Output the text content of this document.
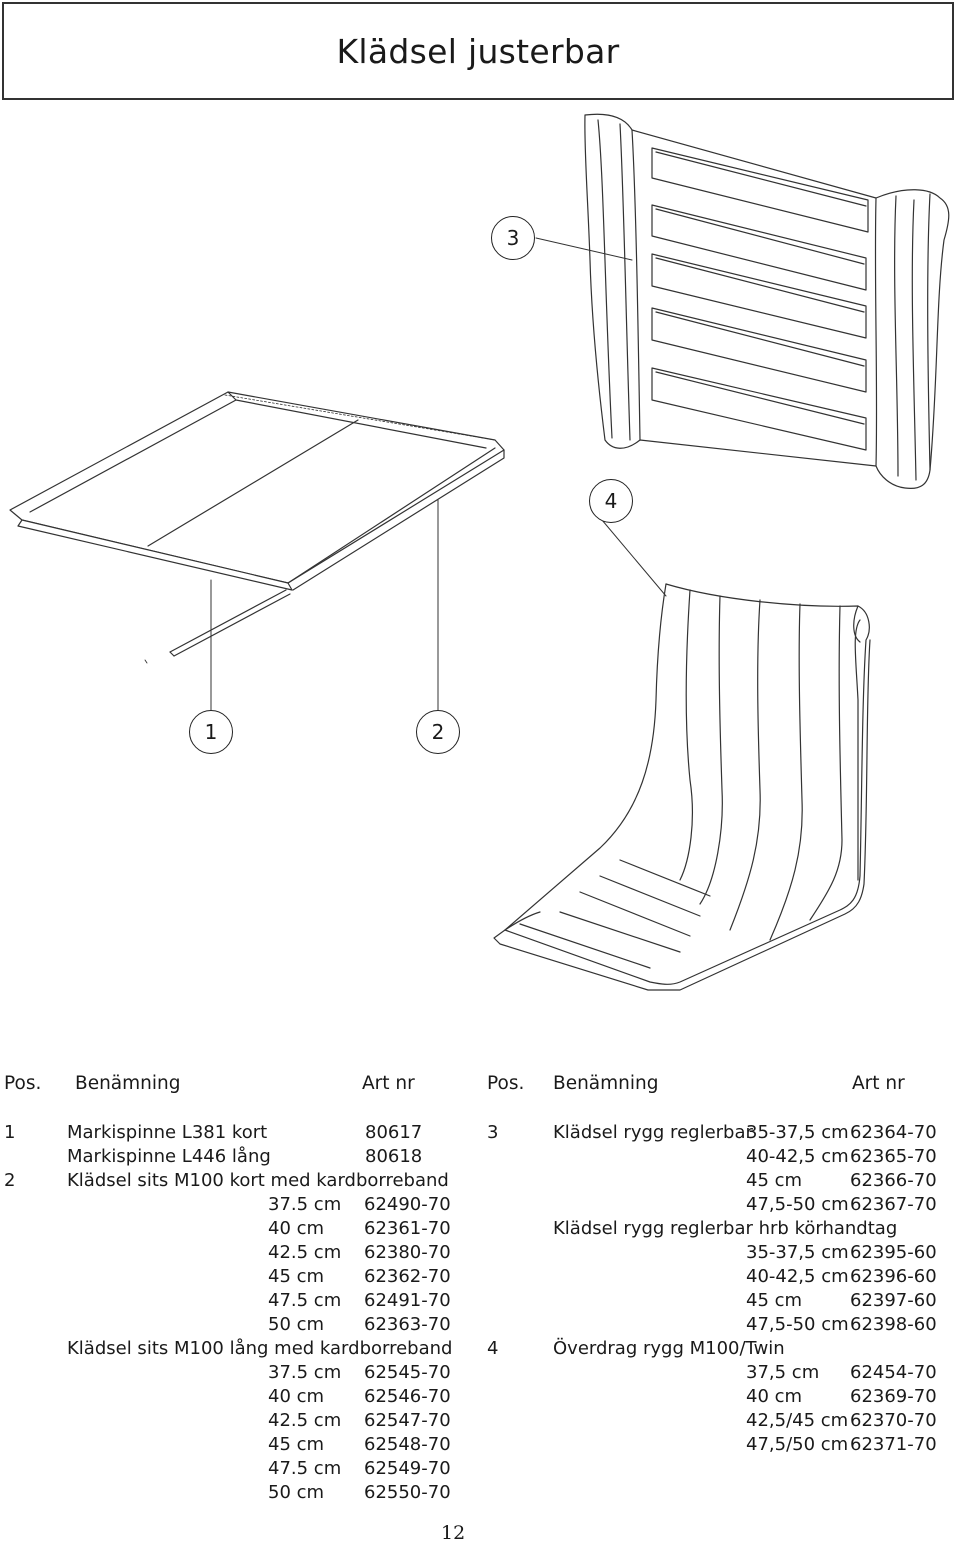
Klädsel justerbar
1	2
3
4
Pos. Benämning	Art nr	Pos. Benämning	Art nr
1	Markispinne L381 kort	80617
Markispinne L446 lång	80618
2	Klädsel sits M100 kort med kardborreband
37.5 cm 62490-70
40 cm 62361-70
42.5 cm 62380-70
45 cm 62362-70
47.5 cm 62491-70
50 cm 62363-70
Klädsel sits M100 lång med kardborreband
37.5 cm 62545-70
40 cm 62546-70
42.5 cm 62547-70
45 cm 62548-70
47.5 cm 62549-70
50 cm 62550-70
3	Klädsel rygg reglerbar
35-37,5 cm 62364-70
40-42,5 cm 62365-70
45 cm	62366-70
47,5-50 cm 62367-70
Klädsel rygg reglerbar hrb körhandtag
35-37,5 cm 62395-60
40-42,5 cm 62396-60
45 cm	62397-60
47,5-50 cm 62398-60
4	Överdrag rygg M100/Twin
37,5 cm 62454-70
40 cm	62369-70
42,5/45 cm 62370-70
47,5/50 cm 62371-70
12
